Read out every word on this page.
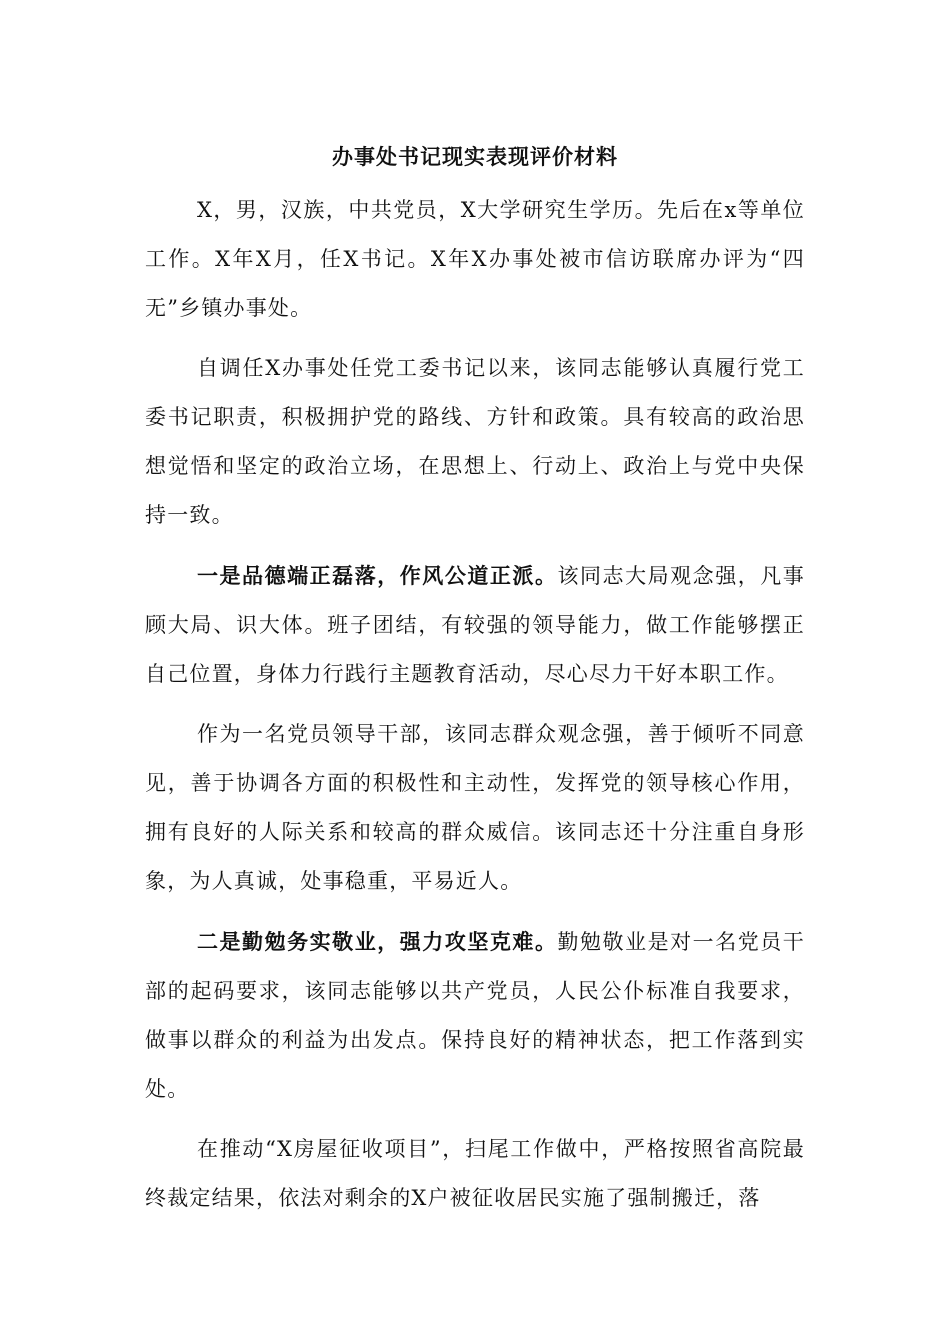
办事处书记现实表现评价材料

X，男，汉族，中共党员，X大学研究生学历。先后在x等单位工作。X年X月，任X书记。X年X办事处被市信访联席办评为“四无”乡镇办事处。

自调任X办事处任党工委书记以来，该同志能够认真履行党工委书记职责，积极拥护党的路线、方针和政策。具有较高的政治思想觉悟和坚定的政治立场，在思想上、行动上、政治上与党中央保持一致。

一是品德端正磊落，作风公道正派。该同志大局观念强，凡事顾大局、识大体。班子团结，有较强的领导能力，做工作能够摆正自己位置，身体力行践行主题教育活动，尽心尽力干好本职工作。

作为一名党员领导干部，该同志群众观念强，善于倾听不同意见，善于协调各方面的积极性和主动性，发挥党的领导核心作用，拥有良好的人际关系和较高的群众威信。该同志还十分注重自身形象，为人真诚，处事稳重，平易近人。

二是勤勉务实敬业，强力攻坚克难。勤勉敬业是对一名党员干部的起码要求，该同志能够以共产党员，人民公仆标准自我要求，做事以群众的利益为出发点。保持良好的精神状态，把工作落到实处。

在推动“X房屋征收项目”，扫尾工作做中，严格按照省高院最终裁定结果，依法对剩余的X户被征收居民实施了强制搬迁，落
